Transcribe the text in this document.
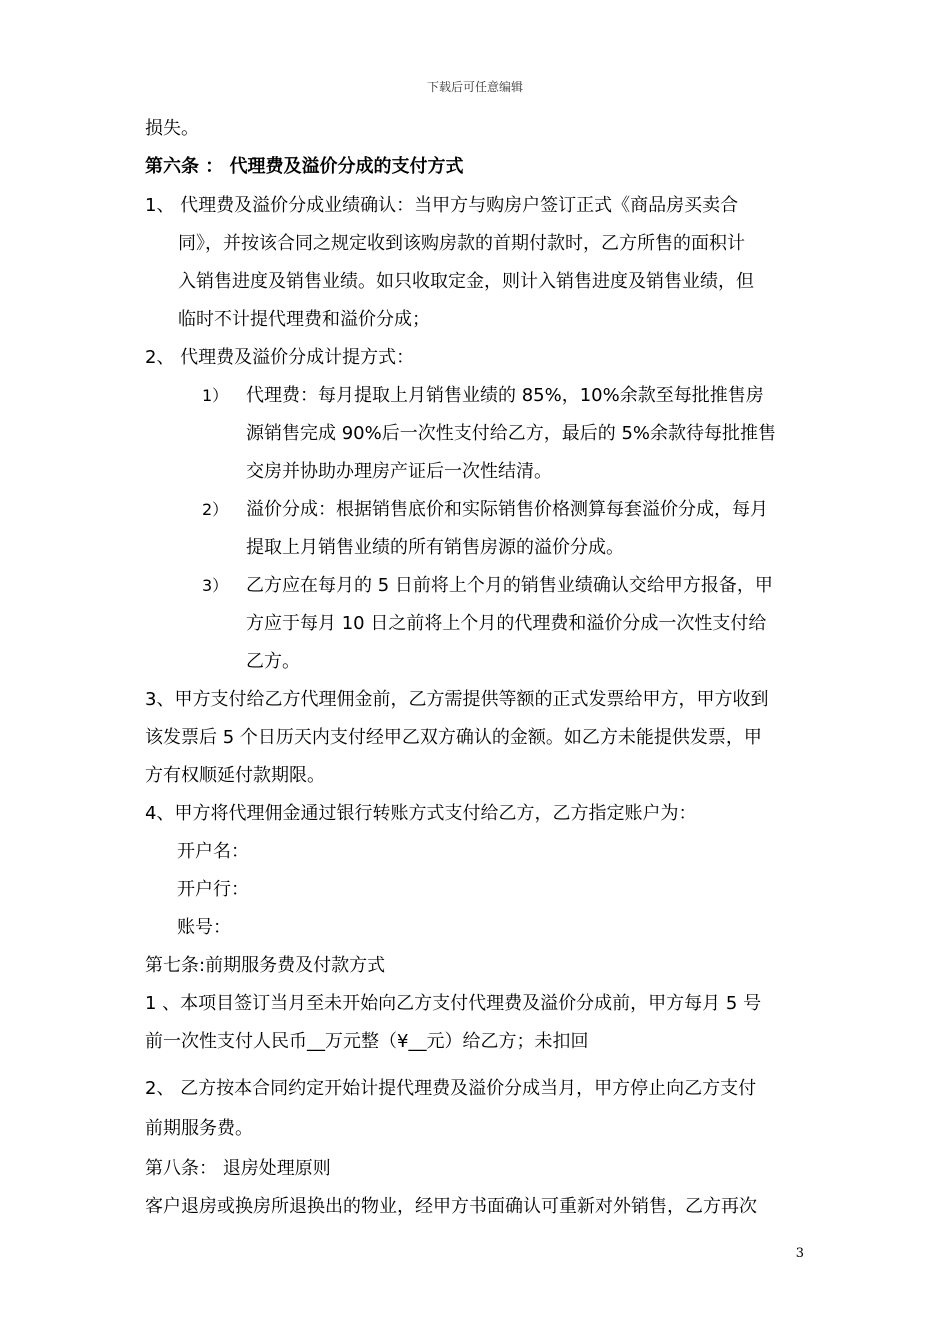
下载后可任意编辑
损失。
第六条 ： 代理费及溢价分成的支付方式
1、 代理费及溢价分成业绩确认：当甲方与购房户签订正式《商品房买卖合
同》，并按该合同之规定收到该购房款的首期付款时，乙方所售的面积计
入销售进度及销售业绩。如只收取定金，则计入销售进度及销售业绩，但
临时不计提代理费和溢价分成；
2、 代理费及溢价分成计提方式：
1） 代理费：每月提取上月销售业绩的 85%，10%余款至每批推售房
源销售完成 90%后一次性支付给乙方，最后的 5%余款待每批推售
交房并协助办理房产证后一次性结清。
2） 溢价分成：根据销售底价和实际销售价格测算每套溢价分成，每月
提取上月销售业绩的所有销售房源的溢价分成。
3） 乙方应在每月的 5 日前将上个月的销售业绩确认交给甲方报备，甲
方应于每月 10 日之前将上个月的代理费和溢价分成一次性支付给
乙方。
3、甲方支付给乙方代理佣金前，乙方需提供等额的正式发票给甲方，甲方收到
该发票后 5 个日历天内支付经甲乙双方确认的金额。如乙方未能提供发票，甲
方有权顺延付款期限。
4、甲方将代理佣金通过银行转账方式支付给乙方，乙方指定账户为：
开户名：
开户行：
账号：
第七条:前期服务费及付款方式
1 、本项目签订当月至未开始向乙方支付代理费及溢价分成前，甲方每月 5 号
前一次性支付人民币__万元整（¥__元）给乙方；未扣回
2、 乙方按本合同约定开始计提代理费及溢价分成当月，甲方停止向乙方支付
前期服务费。
第八条： 退房处理原则
客户退房或换房所退换出的物业，经甲方书面确认可重新对外销售，乙方再次
3
